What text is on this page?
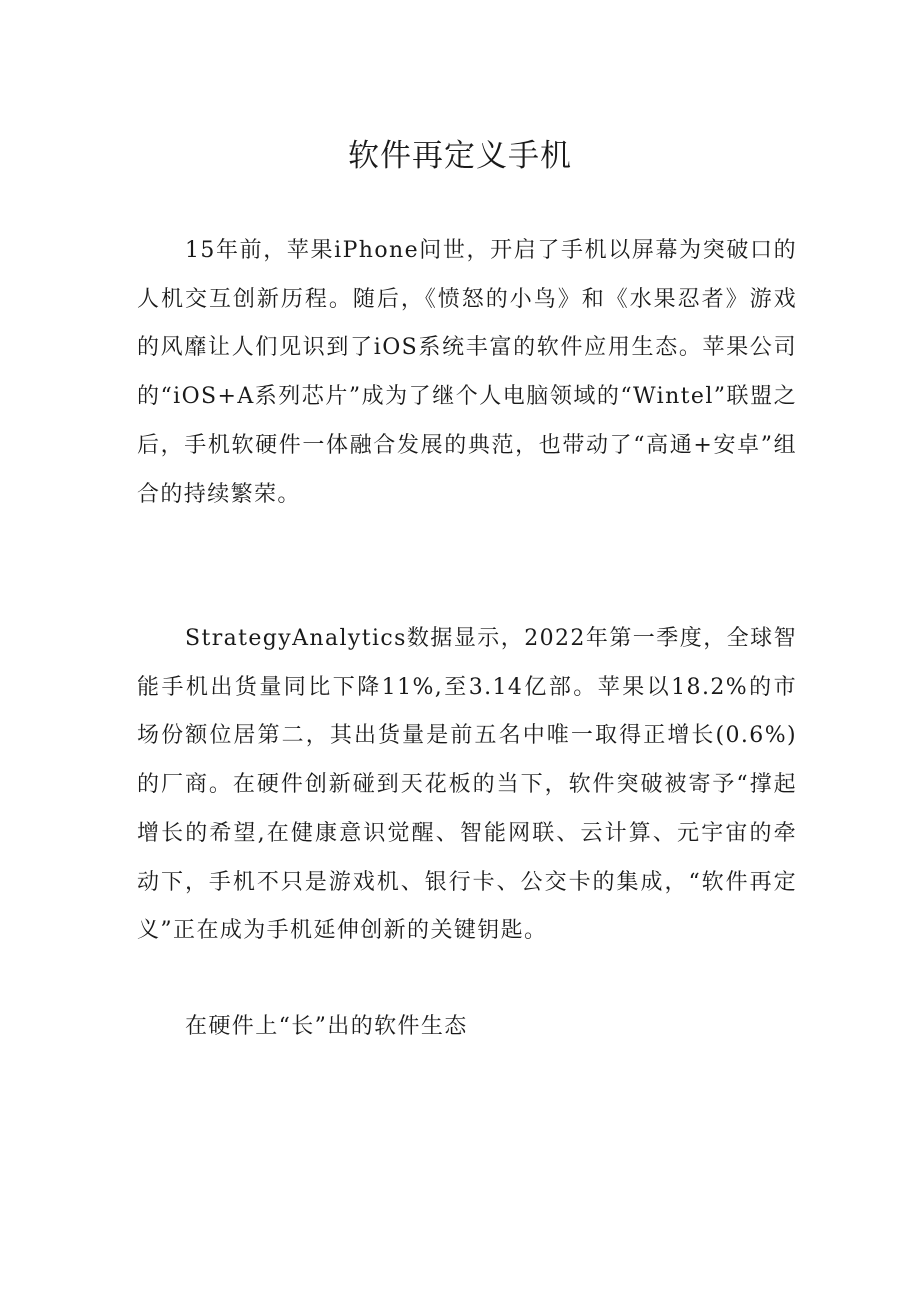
软件再定义手机

15年前，苹果iPhone问世，开启了手机以屏幕为突破口的人机交互创新历程。随后，《愤怒的小鸟》和《水果忍者》游戏的风靡让人们见识到了iOS系统丰富的软件应用生态。苹果公司的“iOS+A系列芯片”成为了继个人电脑领域的“Wintel”联盟之后，手机软硬件一体融合发展的典范，也带动了“高通+安卓”组合的持续繁荣。

StrategyAnalytics数据显示，2022年第一季度，全球智能手机出货量同比下降11%,至3.14亿部。苹果以18.2%的市场份额位居第二，其出货量是前五名中唯一取得正增长(0.6%)的厂商。在硬件创新碰到天花板的当下，软件突破被寄予“撑起增长的希望,在健康意识觉醒、智能网联、云计算、元宇宙的牵动下，手机不只是游戏机、银行卡、公交卡的集成，“软件再定义”正在成为手机延伸创新的关键钥匙。

在硬件上“长”出的软件生态
